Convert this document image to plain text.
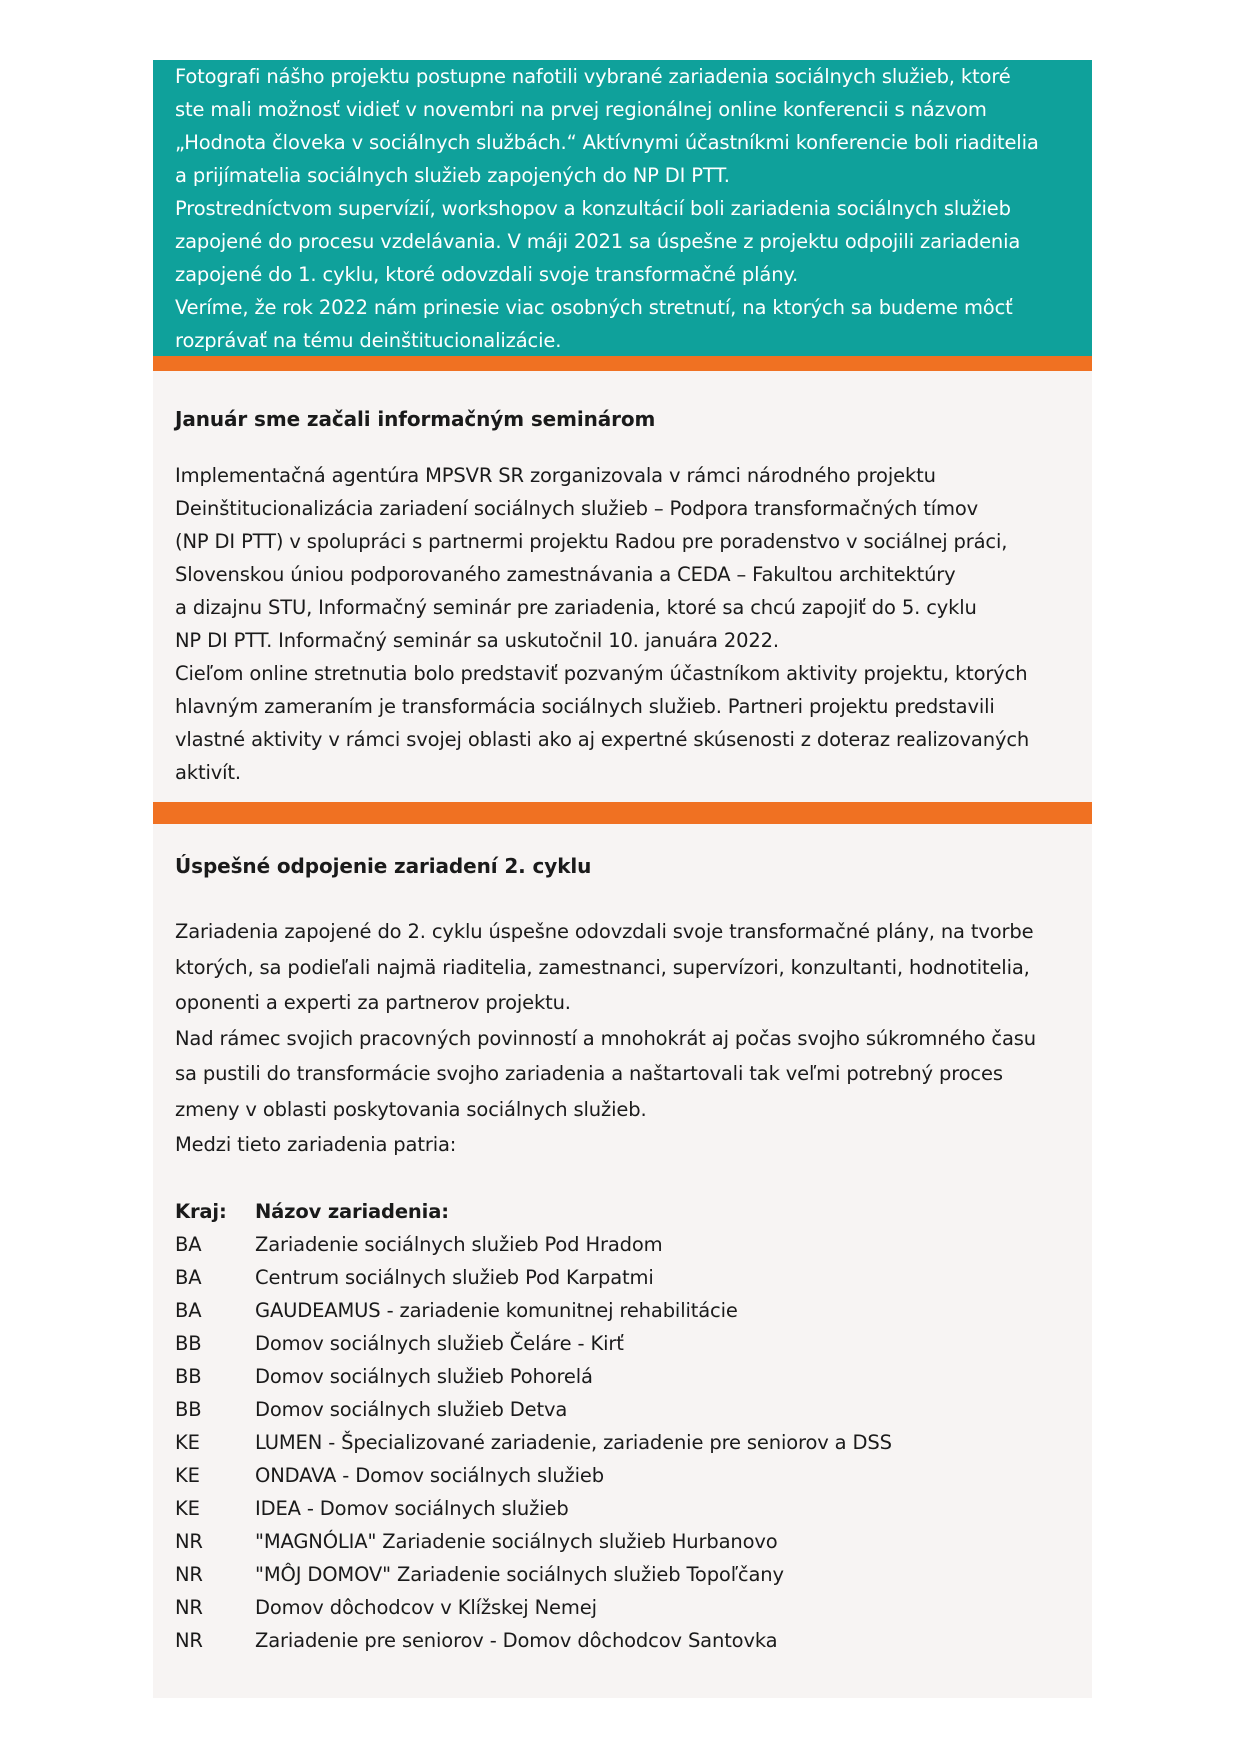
Fotografi nášho projektu postupne nafotili vybrané zariadenia sociálnych služieb, ktoré

ste mali možnosť vidieť v novembri na prvej regionálnej online konferencii s názvom

„Hodnota človeka v sociálnych službách.“ Aktívnymi účastníkmi konferencie boli riaditelia

a prijímatelia sociálnych služieb zapojených do NP DI PTT.

Prostredníctvom supervízií, workshopov a konzultácií boli zariadenia sociálnych služieb

zapojené do procesu vzdelávania. V máji 2021 sa úspešne z projektu odpojili zariadenia

zapojené do 1. cyklu, ktoré odovzdali svoje transformačné plány.

Veríme, že rok 2022 nám prinesie viac osobných stretnutí, na ktorých sa budeme môcť

rozprávať na tému deinštitucionalizácie.

Január sme začali informačným seminárom

Implementačná agentúra MPSVR SR zorganizovala v rámci národného projektu

Deinštitucionalizácia zariadení sociálnych služieb – Podpora transformačných tímov

(NP DI PTT) v spolupráci s partnermi projektu Radou pre poradenstvo v sociálnej práci,

Slovenskou úniou podporovaného zamestnávania a CEDA – Fakultou architektúry

a dizajnu STU, Informačný seminár pre zariadenia, ktoré sa chcú zapojiť do 5. cyklu

NP DI PTT. Informačný seminár sa uskutočnil 10. januára 2022.

Cieľom online stretnutia bolo predstaviť pozvaným účastníkom aktivity projektu, ktorých

hlavným zameraním je transformácia sociálnych služieb. Partneri projektu predstavili

vlastné aktivity v rámci svojej oblasti ako aj expertné skúsenosti z doteraz realizovaných

aktivít.

Úspešné odpojenie zariadení 2. cyklu

Zariadenia zapojené do 2. cyklu úspešne odovzdali svoje transformačné plány, na tvorbe

ktorých, sa podieľali najmä riaditelia, zamestnanci, supervízori, konzultanti, hodnotitelia,

oponenti a experti za partnerov projektu.

Nad rámec svojich pracovných povinností a mnohokrát aj počas svojho súkromného času

sa pustili do transformácie svojho zariadenia a naštartovali tak veľmi potrebný proces

zmeny v oblasti poskytovania sociálnych služieb.

Medzi tieto zariadenia patria:

Kraj:	Názov zariadenia:
BA	Zariadenie sociálnych služieb Pod Hradom
BA	Centrum sociálnych služieb Pod Karpatmi
BA	GAUDEAMUS - zariadenie komunitnej rehabilitácie
BB	Domov sociálnych služieb Čeláre - Kirť
BB	Domov sociálnych služieb Pohorelá
BB	Domov sociálnych služieb Detva
KE	LUMEN - Špecializované zariadenie, zariadenie pre seniorov a DSS
KE	ONDAVA - Domov sociálnych služieb
KE	IDEA - Domov sociálnych služieb
NR	"MAGNÓLIA" Zariadenie sociálnych služieb Hurbanovo
NR	"MÔJ DOMOV" Zariadenie sociálnych služieb Topoľčany
NR	Domov dôchodcov v Klížskej Nemej
NR	Zariadenie pre seniorov - Domov dôchodcov Santovka
